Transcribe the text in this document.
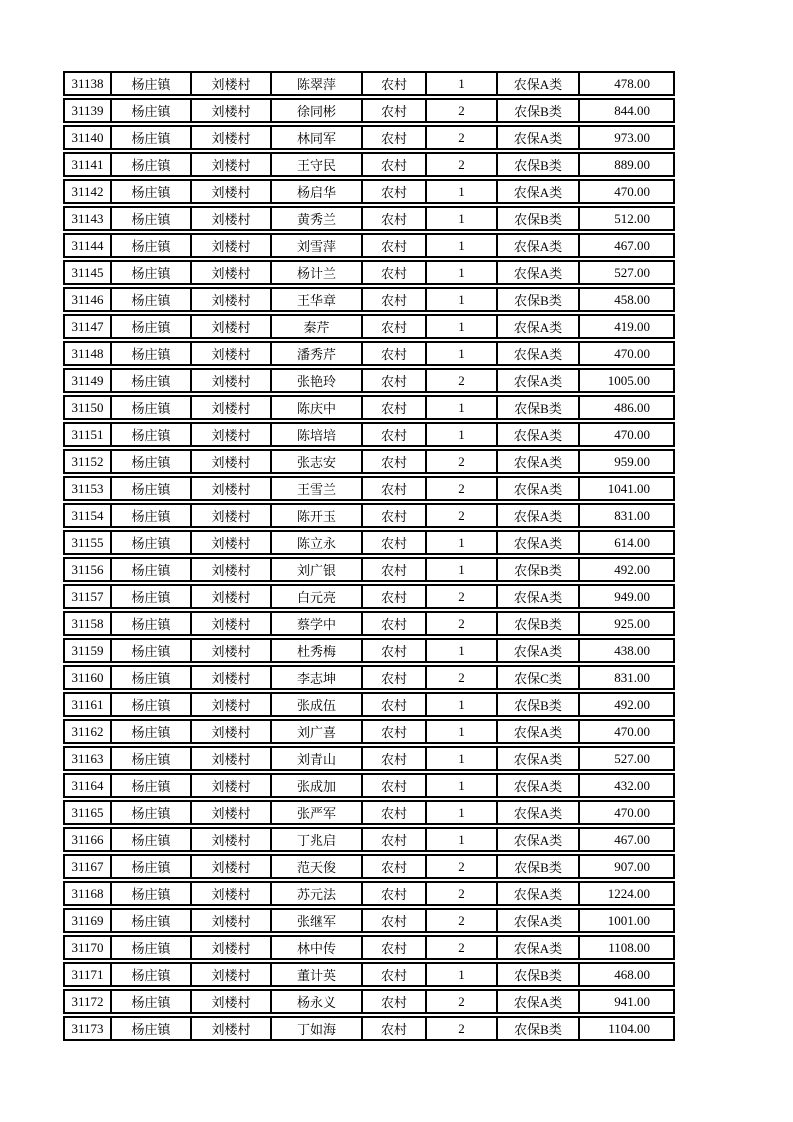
31138	杨庄镇	刘楼村	陈翠萍	农村	1	农保A类	478.00
31139	杨庄镇	刘楼村	徐同彬	农村	2	农保B类	844.00
31140	杨庄镇	刘楼村	林同军	农村	2	农保A类	973.00
31141	杨庄镇	刘楼村	王守民	农村	2	农保B类	889.00
31142	杨庄镇	刘楼村	杨启华	农村	1	农保A类	470.00
31143	杨庄镇	刘楼村	黄秀兰	农村	1	农保B类	512.00
31144	杨庄镇	刘楼村	刘雪萍	农村	1	农保A类	467.00
31145	杨庄镇	刘楼村	杨计兰	农村	1	农保A类	527.00
31146	杨庄镇	刘楼村	王华章	农村	1	农保B类	458.00
31147	杨庄镇	刘楼村	秦芹	农村	1	农保A类	419.00
31148	杨庄镇	刘楼村	潘秀芹	农村	1	农保A类	470.00
31149	杨庄镇	刘楼村	张艳玲	农村	2	农保A类	1005.00
31150	杨庄镇	刘楼村	陈庆中	农村	1	农保B类	486.00
31151	杨庄镇	刘楼村	陈培培	农村	1	农保A类	470.00
31152	杨庄镇	刘楼村	张志安	农村	2	农保A类	959.00
31153	杨庄镇	刘楼村	王雪兰	农村	2	农保A类	1041.00
31154	杨庄镇	刘楼村	陈开玉	农村	2	农保A类	831.00
31155	杨庄镇	刘楼村	陈立永	农村	1	农保A类	614.00
31156	杨庄镇	刘楼村	刘广银	农村	1	农保B类	492.00
31157	杨庄镇	刘楼村	白元亮	农村	2	农保A类	949.00
31158	杨庄镇	刘楼村	蔡学中	农村	2	农保B类	925.00
31159	杨庄镇	刘楼村	杜秀梅	农村	1	农保A类	438.00
31160	杨庄镇	刘楼村	李志坤	农村	2	农保C类	831.00
31161	杨庄镇	刘楼村	张成伍	农村	1	农保B类	492.00
31162	杨庄镇	刘楼村	刘广喜	农村	1	农保A类	470.00
31163	杨庄镇	刘楼村	刘青山	农村	1	农保A类	527.00
31164	杨庄镇	刘楼村	张成加	农村	1	农保A类	432.00
31165	杨庄镇	刘楼村	张严军	农村	1	农保A类	470.00
31166	杨庄镇	刘楼村	丁兆启	农村	1	农保A类	467.00
31167	杨庄镇	刘楼村	范天俊	农村	2	农保B类	907.00
31168	杨庄镇	刘楼村	苏元法	农村	2	农保A类	1224.00
31169	杨庄镇	刘楼村	张继军	农村	2	农保A类	1001.00
31170	杨庄镇	刘楼村	林中传	农村	2	农保A类	1108.00
31171	杨庄镇	刘楼村	董计英	农村	1	农保B类	468.00
31172	杨庄镇	刘楼村	杨永义	农村	2	农保A类	941.00
31173	杨庄镇	刘楼村	丁如海	农村	2	农保B类	1104.00
